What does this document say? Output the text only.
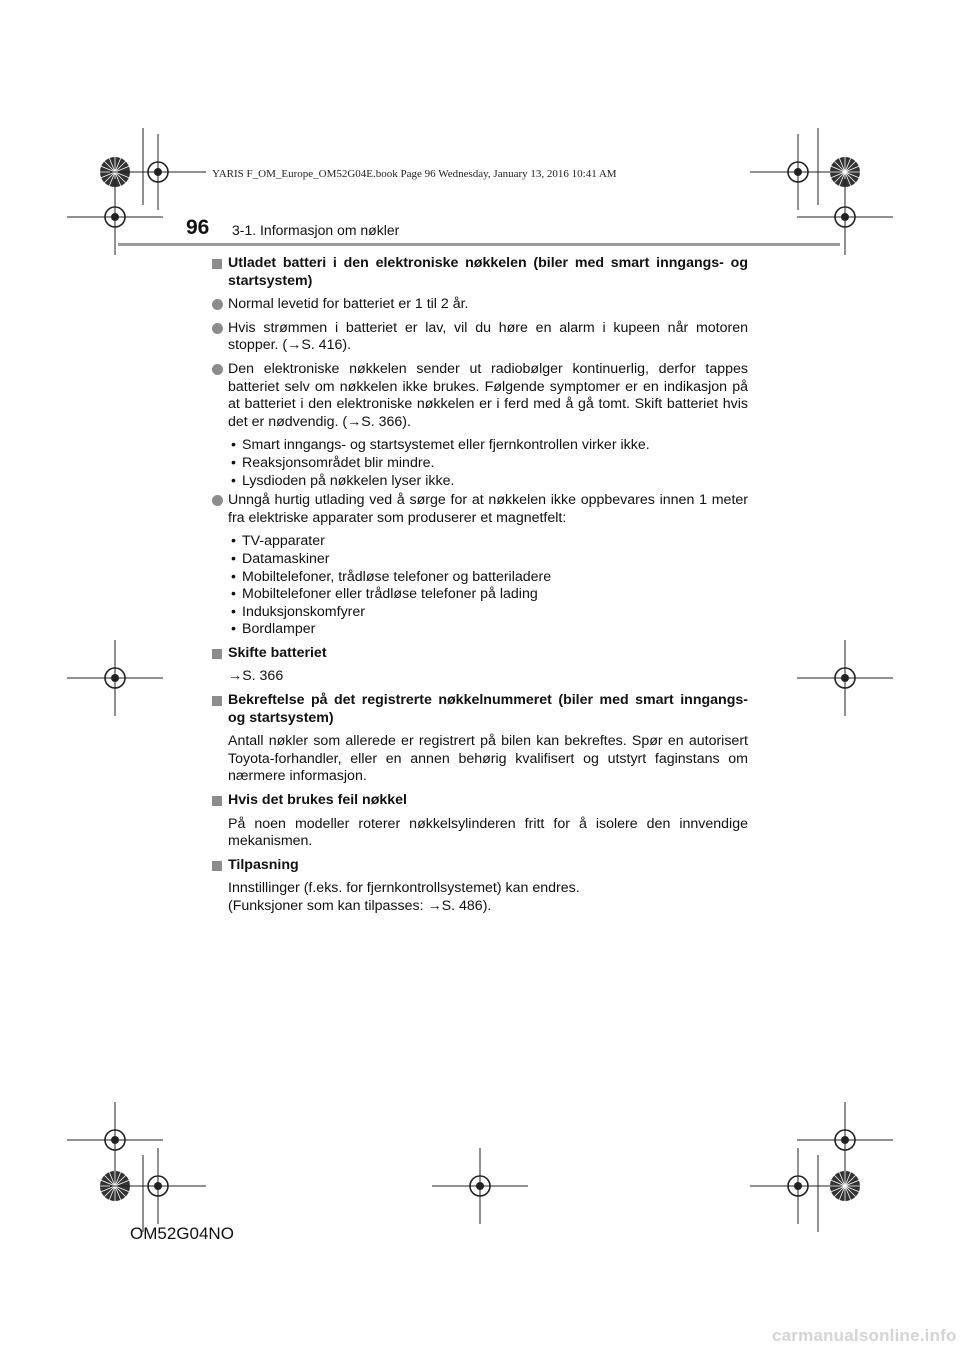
YARIS F_OM_Europe_OM52G04E.book Page 96 Wednesday, January 13, 2016 10:41 AM
96 3-1. Informasjon om nøkler
Utladet batteri i den elektroniske nøkkelen (biler med smart inngangs- og startsystem)
Normal levetid for batteriet er 1 til 2 år.
Hvis strømmen i batteriet er lav, vil du høre en alarm i kupeen når motoren stopper. (→S. 416).
Den elektroniske nøkkelen sender ut radiobølger kontinuerlig, derfor tappes batteriet selv om nøkkelen ikke brukes. Følgende symptomer er en indikasjon på at batteriet i den elektroniske nøkkelen er i ferd med å gå tomt. Skift batteriet hvis det er nødvendig. (→S. 366).
• Smart inngangs- og startsystemet eller fjernkontrollen virker ikke.
• Reaksjonsområdet blir mindre.
• Lysdioden på nøkkelen lyser ikke.
Unngå hurtig utlading ved å sørge for at nøkkelen ikke oppbevares innen 1 meter fra elektriske apparater som produserer et magnetfelt:
• TV-apparater
• Datamaskiner
• Mobiltelefoner, trådløse telefoner og batteriladere
• Mobiltelefoner eller trådløse telefoner på lading
• Induksjonskomfyrer
• Bordlamper
Skifte batteriet
→S. 366
Bekreftelse på det registrerte nøkkelnummeret (biler med smart inngangs- og startsystem)
Antall nøkler som allerede er registrert på bilen kan bekreftes. Spør en autorisert Toyota-forhandler, eller en annen behørig kvalifisert og utstyrt faginstans om nærmere informasjon.
Hvis det brukes feil nøkkel
På noen modeller roterer nøkkelsylinderen fritt for å isolere den innvendige mekanismen.
Tilpasning
Innstillinger (f.eks. for fjernkontrollsystemet) kan endres.
(Funksjoner som kan tilpasses: →S. 486).
OM52G04NO
carmanualsonline.info
